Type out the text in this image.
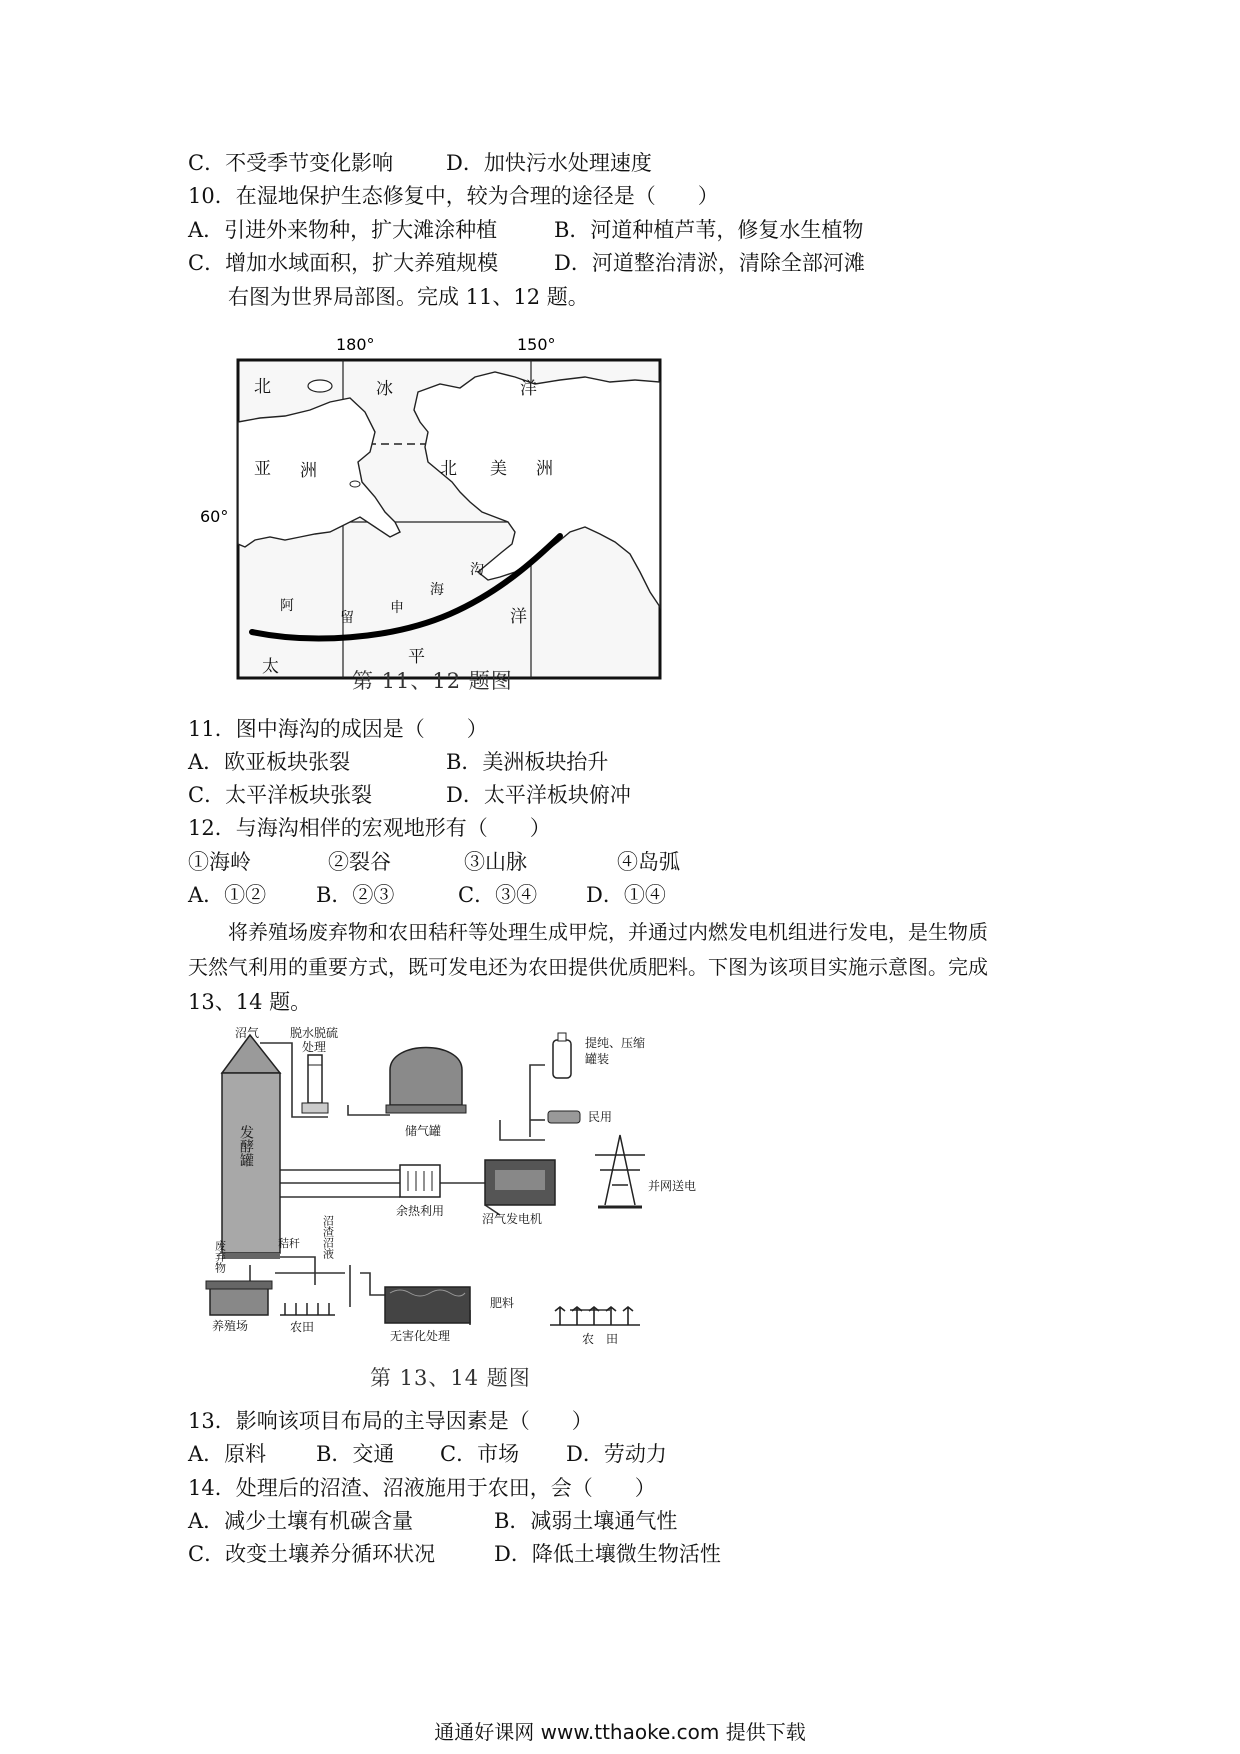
C．不受季节变化影响	D．加快污水处理速度
10．在湿地保护生态修复中，较为合理的途径是（　　）
A．引进外来物种，扩大滩涂种植	B．河道种植芦苇，修复水生植物
C．增加水域面积，扩大养殖规模	D．河道整治清淤，清除全部河滩
右图为世界局部图。完成 11、12 题。
180°	150°
60°
北	冰	洋
亚 洲	北 美 洲
太	平
洋
阿
留
申
海
沟
第 11、12 题图
11．图中海沟的成因是（　　）
A．欧亚板块张裂	B．美洲板块抬升
C．太平洋板块张裂	D．太平洋板块俯冲
12．与海沟相伴的宏观地形有（　　）
①海岭	②裂谷	③山脉	④岛弧
A．①② B．②③	C．③④ D．①④
将养殖场废弃物和农田秸秆等处理生成甲烷，并通过内燃发电机组进行发电，是生物质
天然气利用的重要方式，既可发电还为农田提供优质肥料。下图为该项目实施示意图。完成
13、14 题。
发酵罐
沼气	脱水脱硫
处理
储气罐
提纯、压缩
罐装
民用
余热利用
沼气发电机
并网送电
秸秆
废弃物	沼渣沼液
养殖场	农田
无害化处理
肥料
农　田
第 13、14 题图
13．影响该项目布局的主导因素是（　　）
A．原料 B．交通 C．市场 D．劳动力
14．处理后的沼渣、沼液施用于农田，会（　　）
A．减少土壤有机碳含量	B．减弱土壤通气性
C．改变土壤养分循环状况	D．降低土壤微生物活性
通通好课网 www.tthaoke.com 提供下载
